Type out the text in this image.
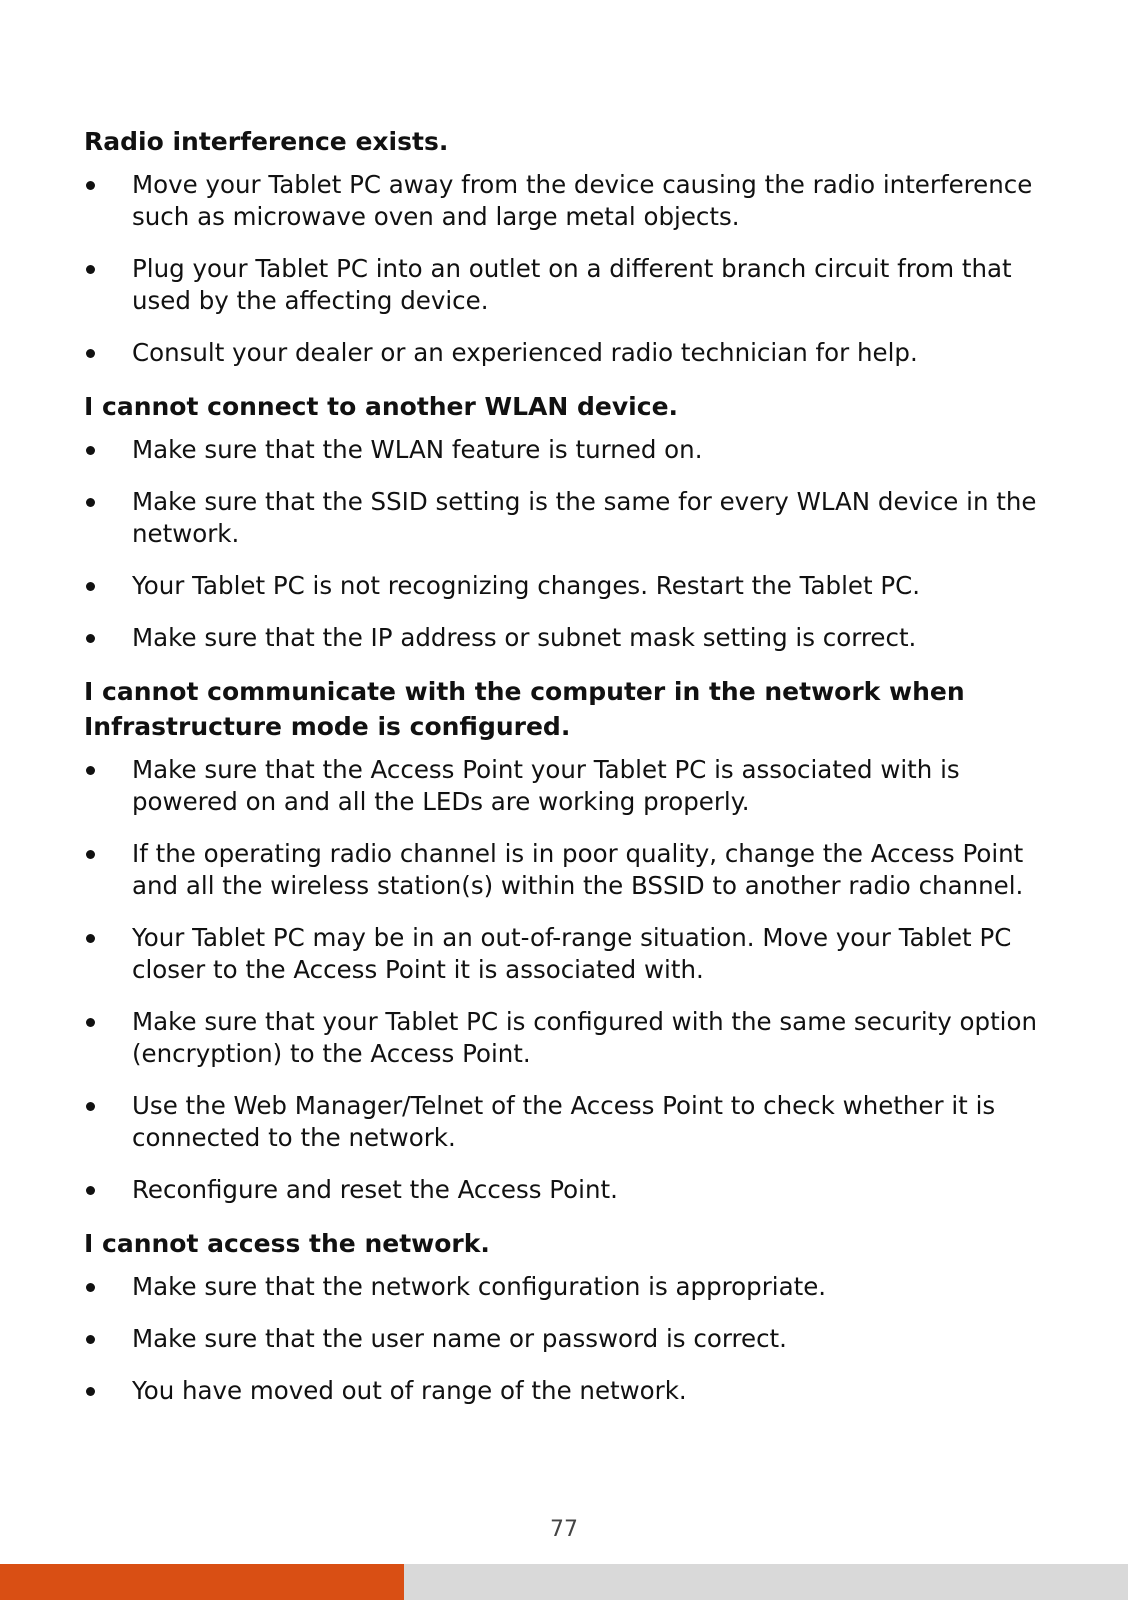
Radio interference exists.
Move your Tablet PC away from the device causing the radio interference such as microwave oven and large metal objects.
Plug your Tablet PC into an outlet on a different branch circuit from that used by the affecting device.
Consult your dealer or an experienced radio technician for help.
I cannot connect to another WLAN device.
Make sure that the WLAN feature is turned on.
Make sure that the SSID setting is the same for every WLAN device in the network.
Your Tablet PC is not recognizing changes. Restart the Tablet PC.
Make sure that the IP address or subnet mask setting is correct.
I cannot communicate with the computer in the network when Infrastructure mode is configured.
Make sure that the Access Point your Tablet PC is associated with is powered on and all the LEDs are working properly.
If the operating radio channel is in poor quality, change the Access Point and all the wireless station(s) within the BSSID to another radio channel.
Your Tablet PC may be in an out-of-range situation. Move your Tablet PC closer to the Access Point it is associated with.
Make sure that your Tablet PC is configured with the same security option (encryption) to the Access Point.
Use the Web Manager/Telnet of the Access Point to check whether it is connected to the network.
Reconfigure and reset the Access Point.
I cannot access the network.
Make sure that the network configuration is appropriate.
Make sure that the user name or password is correct.
You have moved out of range of the network.
77
